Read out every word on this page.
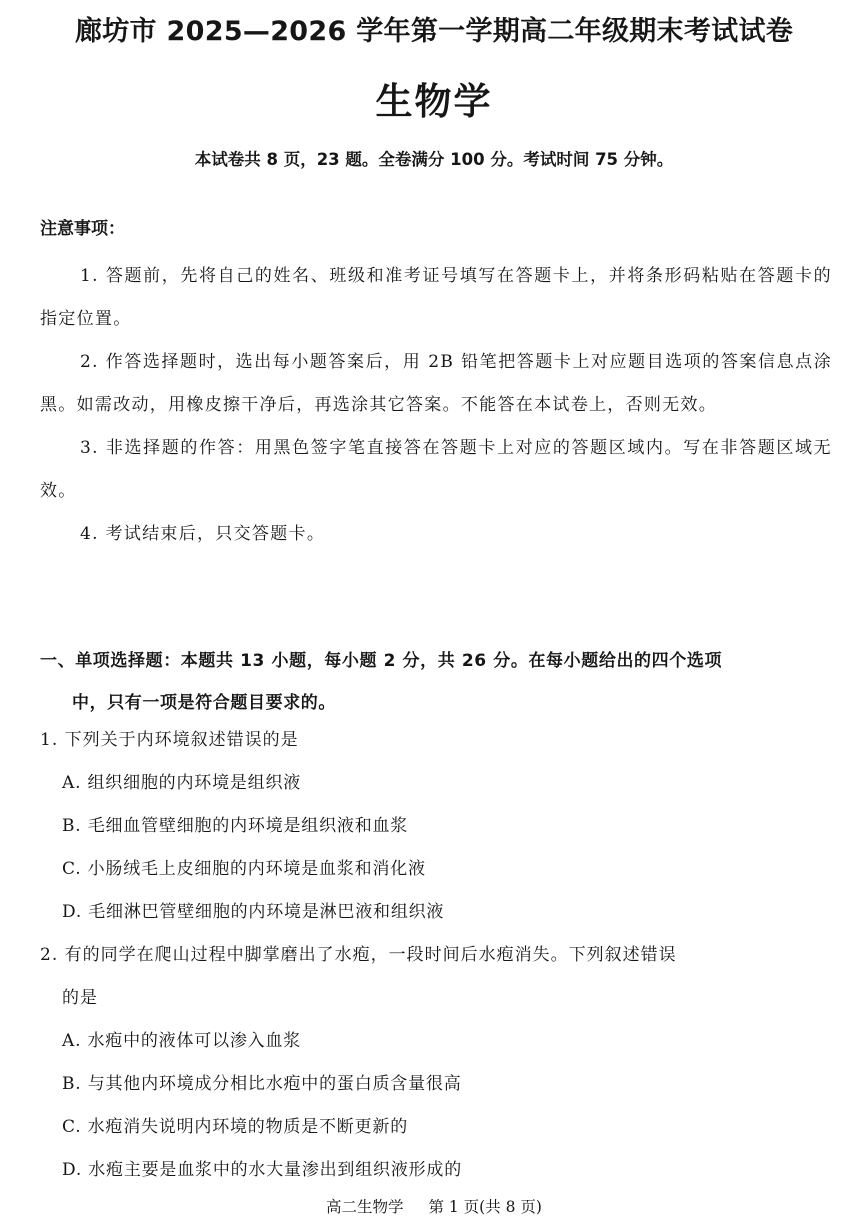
廊坊市 2025—2026 学年第一学期高二年级期末考试试卷
生物学
本试卷共 8 页，23 题。全卷满分 100 分。考试时间 75 分钟。
注意事项：

1. 答题前，先将自己的姓名、班级和准考证号填写在答题卡上，并将条形码粘贴在答题卡的指定位置。

2. 作答选择题时，选出每小题答案后，用 2B 铅笔把答题卡上对应题目选项的答案信息点涂黑。如需改动，用橡皮擦干净后，再选涂其它答案。不能答在本试卷上，否则无效。

3. 非选择题的作答：用黑色签字笔直接答在答题卡上对应的答题区域内。写在非答题区域无效。

4. 考试结束后，只交答题卡。

一、单项选择题：本题共 13 小题，每小题 2 分，共 26 分。在每小题给出的四个选项
中，只有一项是符合题目要求的。

1. 下列关于内环境叙述错误的是

A. 组织细胞的内环境是组织液

B. 毛细血管壁细胞的内环境是组织液和血浆

C. 小肠绒毛上皮细胞的内环境是血浆和消化液

D. 毛细淋巴管壁细胞的内环境是淋巴液和组织液

2. 有的同学在爬山过程中脚掌磨出了水疱，一段时间后水疱消失。下列叙述错误

的是

A. 水疱中的液体可以渗入血浆

B. 与其他内环境成分相比水疱中的蛋白质含量很高

C. 水疱消失说明内环境的物质是不断更新的

D. 水疱主要是血浆中的水大量渗出到组织液形成的

高二生物学 第 1 页(共 8 页)
